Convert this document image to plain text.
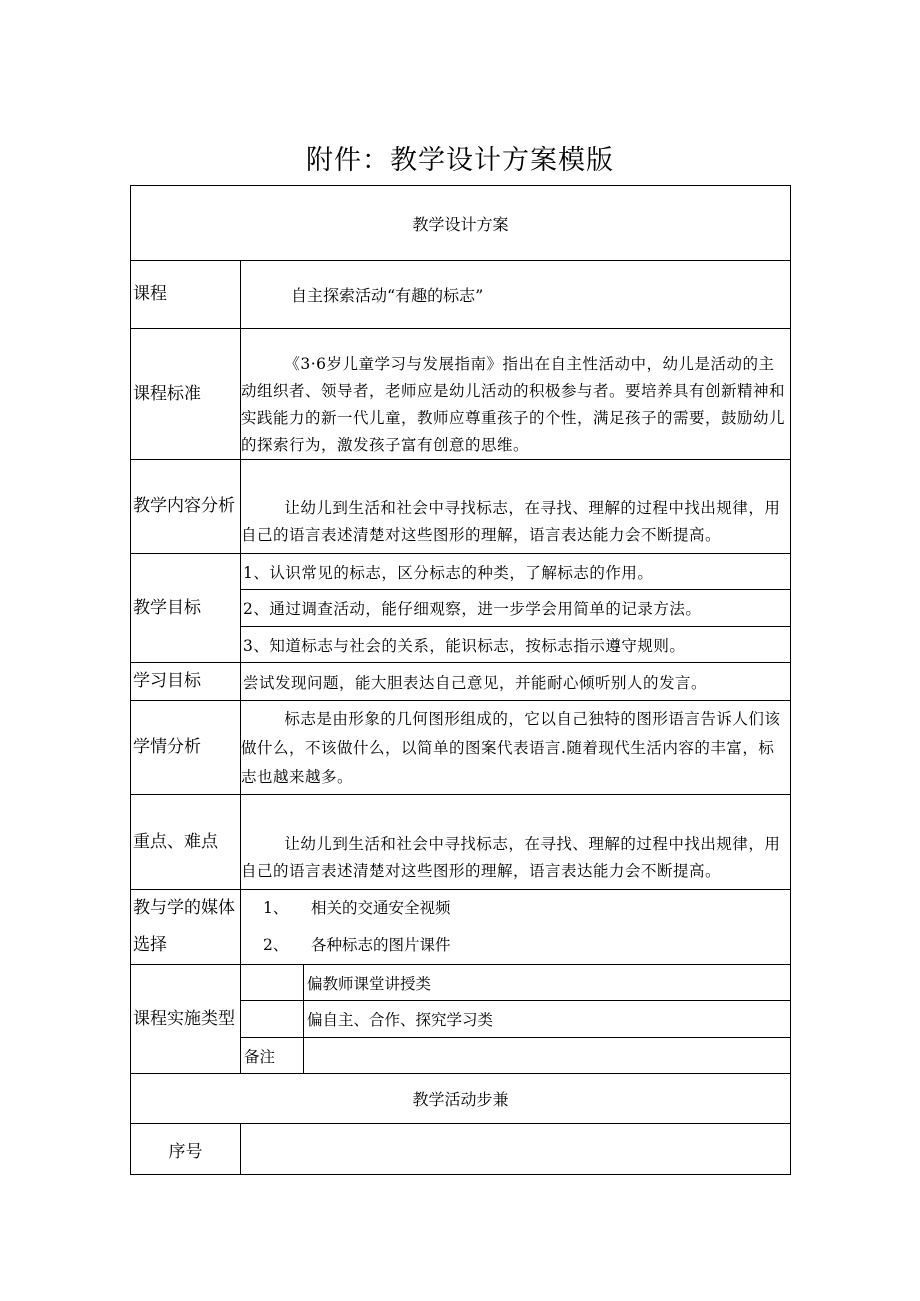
附件：教学设计方案模版
教学设计方案		
课程	自主探索活动“有趣的标志”	
课程标准	《3·6岁儿童学习与发展指南》指出在自主性活动中，幼儿是活动的主动组织者、领导者，老师应是幼儿活动的积极参与者。要培养具有创新精神和实践能力的新一代儿童，教师应尊重孩子的个性，满足孩子的需要，鼓励幼儿的探索行为，激发孩子富有创意的思维。	

教学内容分析	让幼儿到生活和社会中寻找标志，在寻找、理解的过程中找出规律，用自己的语言表述清楚对这些图形的理解，语言表达能力会不断提高。	

教学目标	1、认识常见的标志，区分标志的种类，了解标志的作用。	
	2、通过调查活动，能仔细观察，进一步学会用简单的记录方法。	
	3、知道标志与社会的关系，能识标志，按标志指示遵守规则。	
学习目标	尝试发现问题，能大胆表达自己意见，并能耐心倾听别人的发言。	
学情分析	标志是由形象的几何图形组成的，它以自己独特的图形语言告诉人们该做什么，不该做什么，以简单的图案代表语言.随着现代生活内容的丰富，标志也越来越多。	

重点、难点	让幼儿到生活和社会中寻找标志，在寻找、理解的过程中找出规律，用自己的语言表述清楚对这些图形的理解，语言表达能力会不断提高。	

教与学的媒体选择	1、 相关的交通安全视频
2、 各种标志的图片课件	

课程实施类型		偏教师课堂讲授类
		偏自主、合作、探究学习类
	备注	
教学活动步兼		
序号		
